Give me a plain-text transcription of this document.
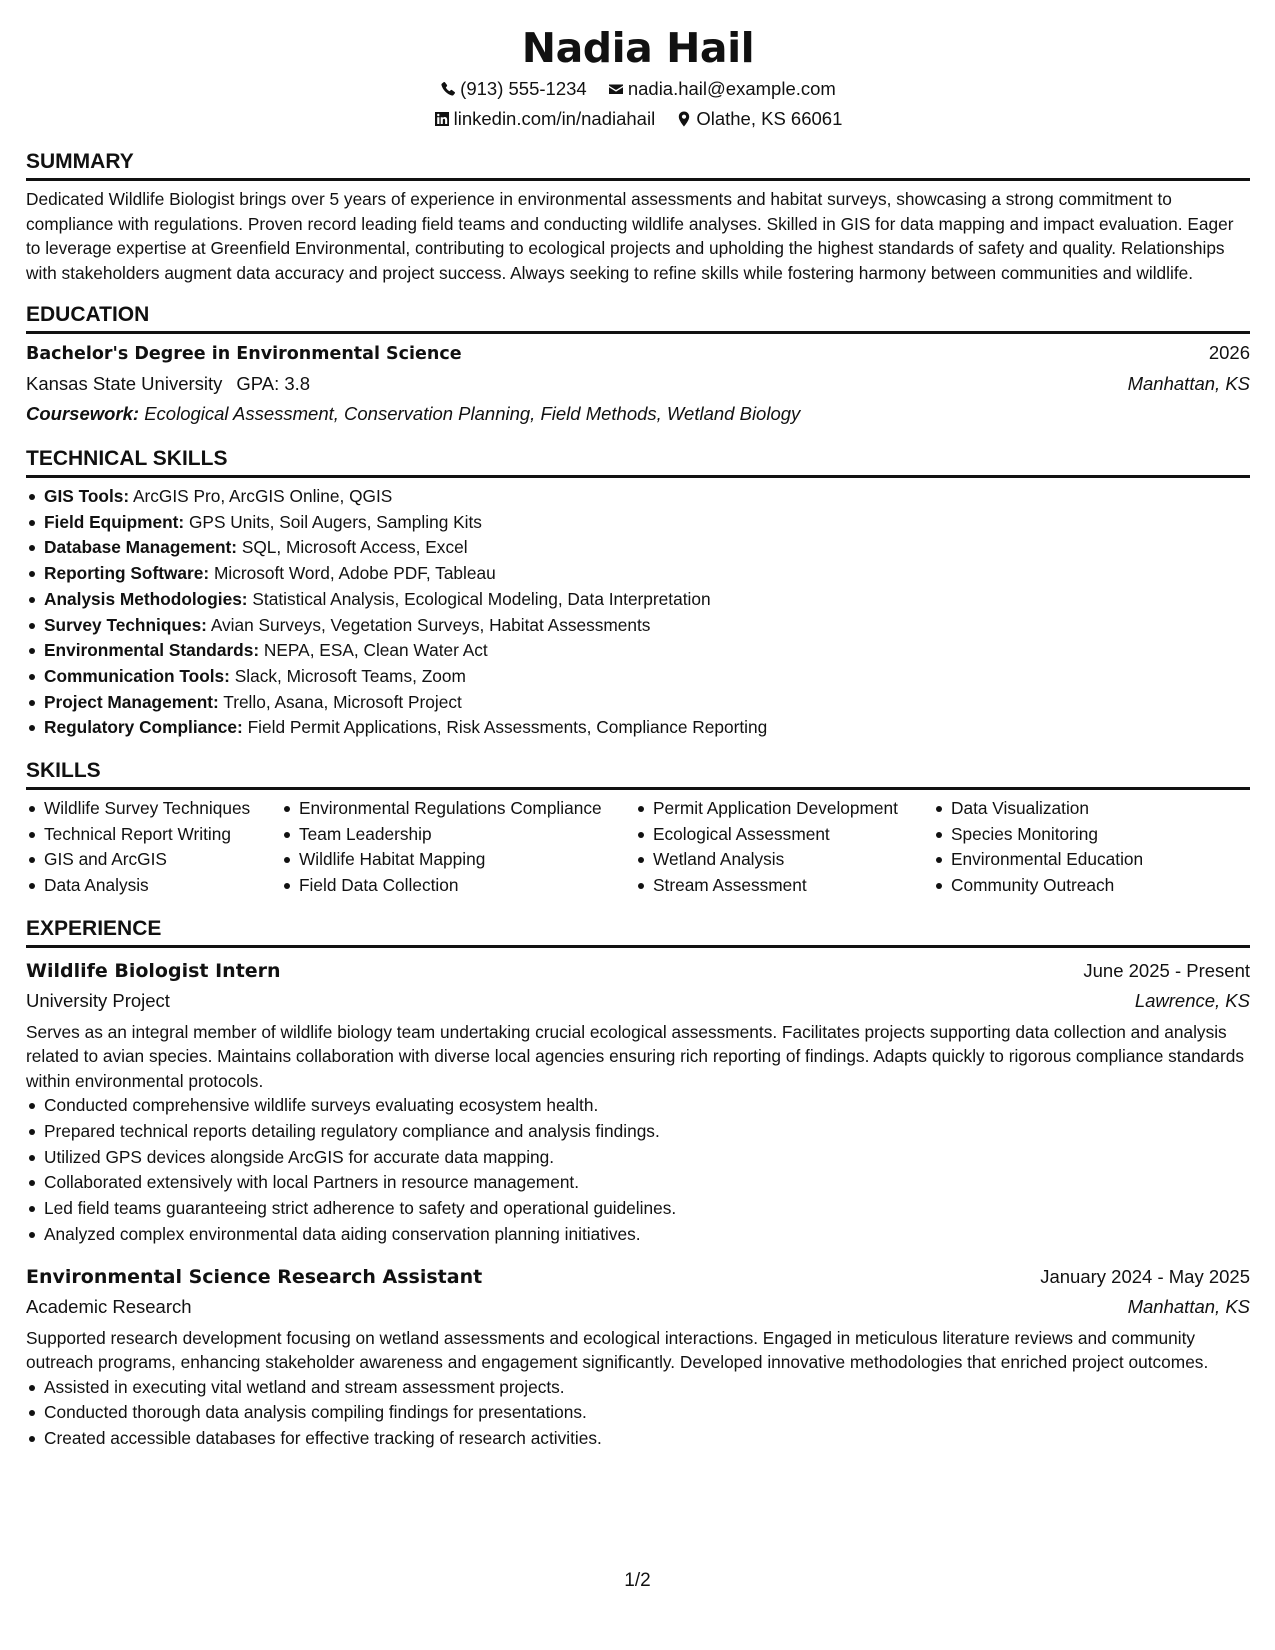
Nadia Hail
(913) 555-1234 nadia.hail@example.com
linkedin.com/in/nadiahail Olathe, KS 66061
SUMMARY

Dedicated Wildlife Biologist brings over 5 years of experience in environmental assessments and habitat surveys, showcasing a strong commitment to compliance with regulations. Proven record leading field teams and conducting wildlife analyses. Skilled in GIS for data mapping and impact evaluation. Eager to leverage expertise at Greenfield Environmental, contributing to ecological projects and upholding the highest standards of safety and quality. Relationships with stakeholders augment data accuracy and project success. Always seeking to refine skills while fostering harmony between communities and wildlife.

EDUCATION
Bachelor's Degree in Environmental Science	2026
Kansas State University GPA: 3.8	Manhattan, KS
Coursework: Ecological Assessment, Conservation Planning, Field Methods, Wetland Biology
TECHNICAL SKILLS
GIS Tools: ArcGIS Pro, ArcGIS Online, QGIS
Field Equipment: GPS Units, Soil Augers, Sampling Kits
Database Management: SQL, Microsoft Access, Excel
Reporting Software: Microsoft Word, Adobe PDF, Tableau
Analysis Methodologies: Statistical Analysis, Ecological Modeling, Data Interpretation
Survey Techniques: Avian Surveys, Vegetation Surveys, Habitat Assessments
Environmental Standards: NEPA, ESA, Clean Water Act
Communication Tools: Slack, Microsoft Teams, Zoom
Project Management: Trello, Asana, Microsoft Project
Regulatory Compliance: Field Permit Applications, Risk Assessments, Compliance Reporting
SKILLS
Wildlife Survey Techniques
Technical Report Writing
GIS and ArcGIS
Data Analysis
Environmental Regulations Compliance
Team Leadership
Wildlife Habitat Mapping
Field Data Collection
Permit Application Development
Ecological Assessment
Wetland Analysis
Stream Assessment
Data Visualization
Species Monitoring
Environmental Education
Community Outreach
EXPERIENCE
Wildlife Biologist Intern	June 2025 - Present
University Project	Lawrence, KS

Serves as an integral member of wildlife biology team undertaking crucial ecological assessments. Facilitates projects supporting data collection and analysis related to avian species. Maintains collaboration with diverse local agencies ensuring rich reporting of findings. Adapts quickly to rigorous compliance standards within environmental protocols.

Conducted comprehensive wildlife surveys evaluating ecosystem health.
Prepared technical reports detailing regulatory compliance and analysis findings.
Utilized GPS devices alongside ArcGIS for accurate data mapping.
Collaborated extensively with local Partners in resource management.
Led field teams guaranteeing strict adherence to safety and operational guidelines.
Analyzed complex environmental data aiding conservation planning initiatives.
Environmental Science Research Assistant	January 2024 - May 2025
Academic Research	Manhattan, KS

Supported research development focusing on wetland assessments and ecological interactions. Engaged in meticulous literature reviews and community outreach programs, enhancing stakeholder awareness and engagement significantly. Developed innovative methodologies that enriched project outcomes.

Assisted in executing vital wetland and stream assessment projects.
Conducted thorough data analysis compiling findings for presentations.
Created accessible databases for effective tracking of research activities.
1/2
